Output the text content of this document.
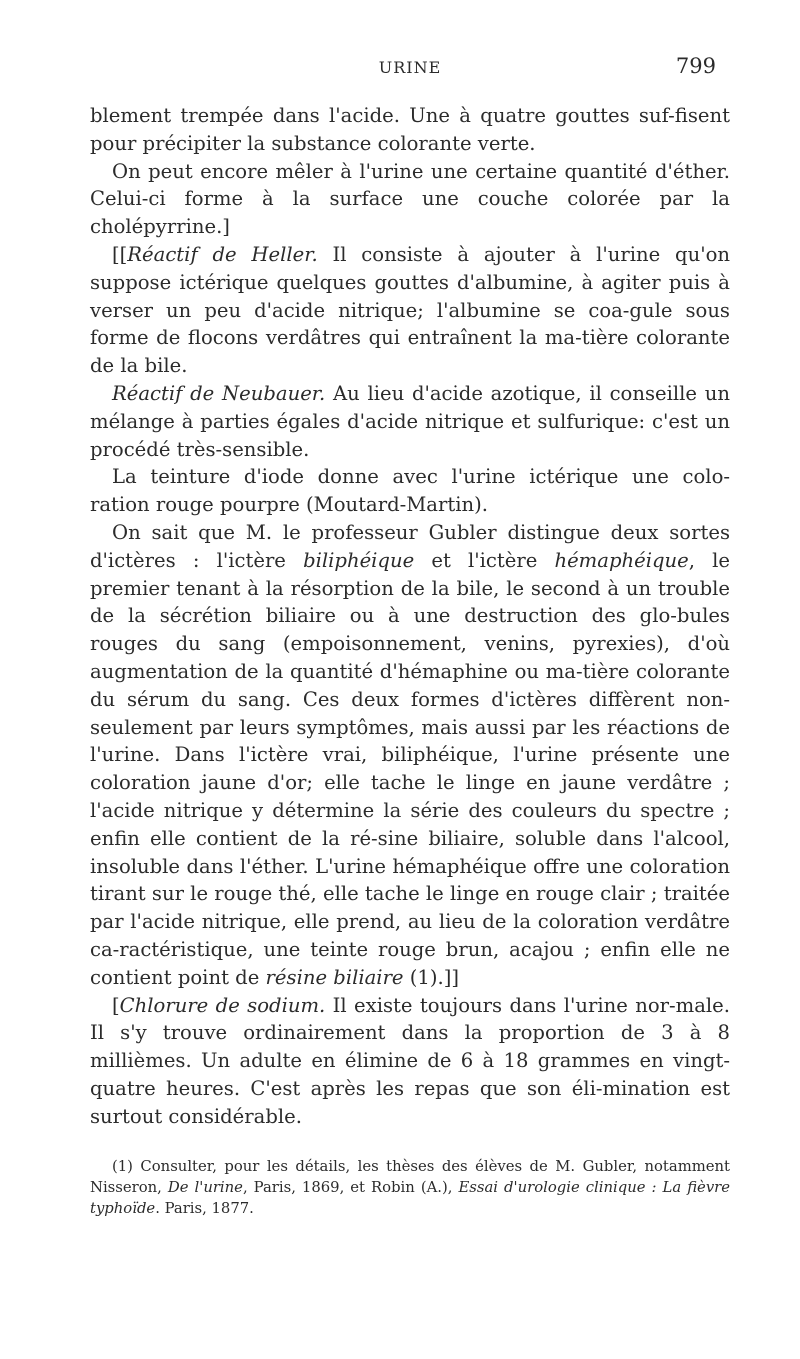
URINE	799

blement trempée dans l'acide. Une à quatre gouttes suf-fisent pour précipiter la substance colorante verte.

On peut encore mêler à l'urine une certaine quantité d'éther. Celui-ci forme à la surface une couche colorée par la cholépyrrine.]

[[Réactif de Heller. Il consiste à ajouter à l'urine qu'on suppose ictérique quelques gouttes d'albumine, à agiter puis à verser un peu d'acide nitrique; l'albumine se coa-gule sous forme de flocons verdâtres qui entraînent la ma-tière colorante de la bile.

Réactif de Neubauer. Au lieu d'acide azotique, il conseille un mélange à parties égales d'acide nitrique et sulfurique: c'est un procédé très-sensible.

La teinture d'iode donne avec l'urine ictérique une colo-ration rouge pourpre (Moutard-Martin).

On sait que M. le professeur Gubler distingue deux sortes d'ictères : l'ictère biliphéique et l'ictère hémaphéique, le premier tenant à la résorption de la bile, le second à un trouble de la sécrétion biliaire ou à une destruction des glo-bules rouges du sang (empoisonnement, venins, pyrexies), d'où augmentation de la quantité d'hémaphine ou ma-tière colorante du sérum du sang. Ces deux formes d'ictères diffèrent non-seulement par leurs symptômes, mais aussi par les réactions de l'urine. Dans l'ictère vrai, biliphéique, l'urine présente une coloration jaune d'or; elle tache le linge en jaune verdâtre ; l'acide nitrique y détermine la série des couleurs du spectre ; enfin elle contient de la ré-sine biliaire, soluble dans l'alcool, insoluble dans l'éther. L'urine hémaphéique offre une coloration tirant sur le rouge thé, elle tache le linge en rouge clair ; traitée par l'acide nitrique, elle prend, au lieu de la coloration verdâtre ca-ractéristique, une teinte rouge brun, acajou ; enfin elle ne contient point de résine biliaire (1).]]

[Chlorure de sodium. Il existe toujours dans l'urine nor-male. Il s'y trouve ordinairement dans la proportion de 3 à 8 millièmes. Un adulte en élimine de 6 à 18 grammes en vingt-quatre heures. C'est après les repas que son éli-mination est surtout considérable.

(1) Consulter, pour les détails, les thèses des élèves de M. Gubler, notamment Nisseron, De l'urine, Paris, 1869, et Robin (A.), Essai d'urologie clinique : La fièvre typhoïde. Paris, 1877.
